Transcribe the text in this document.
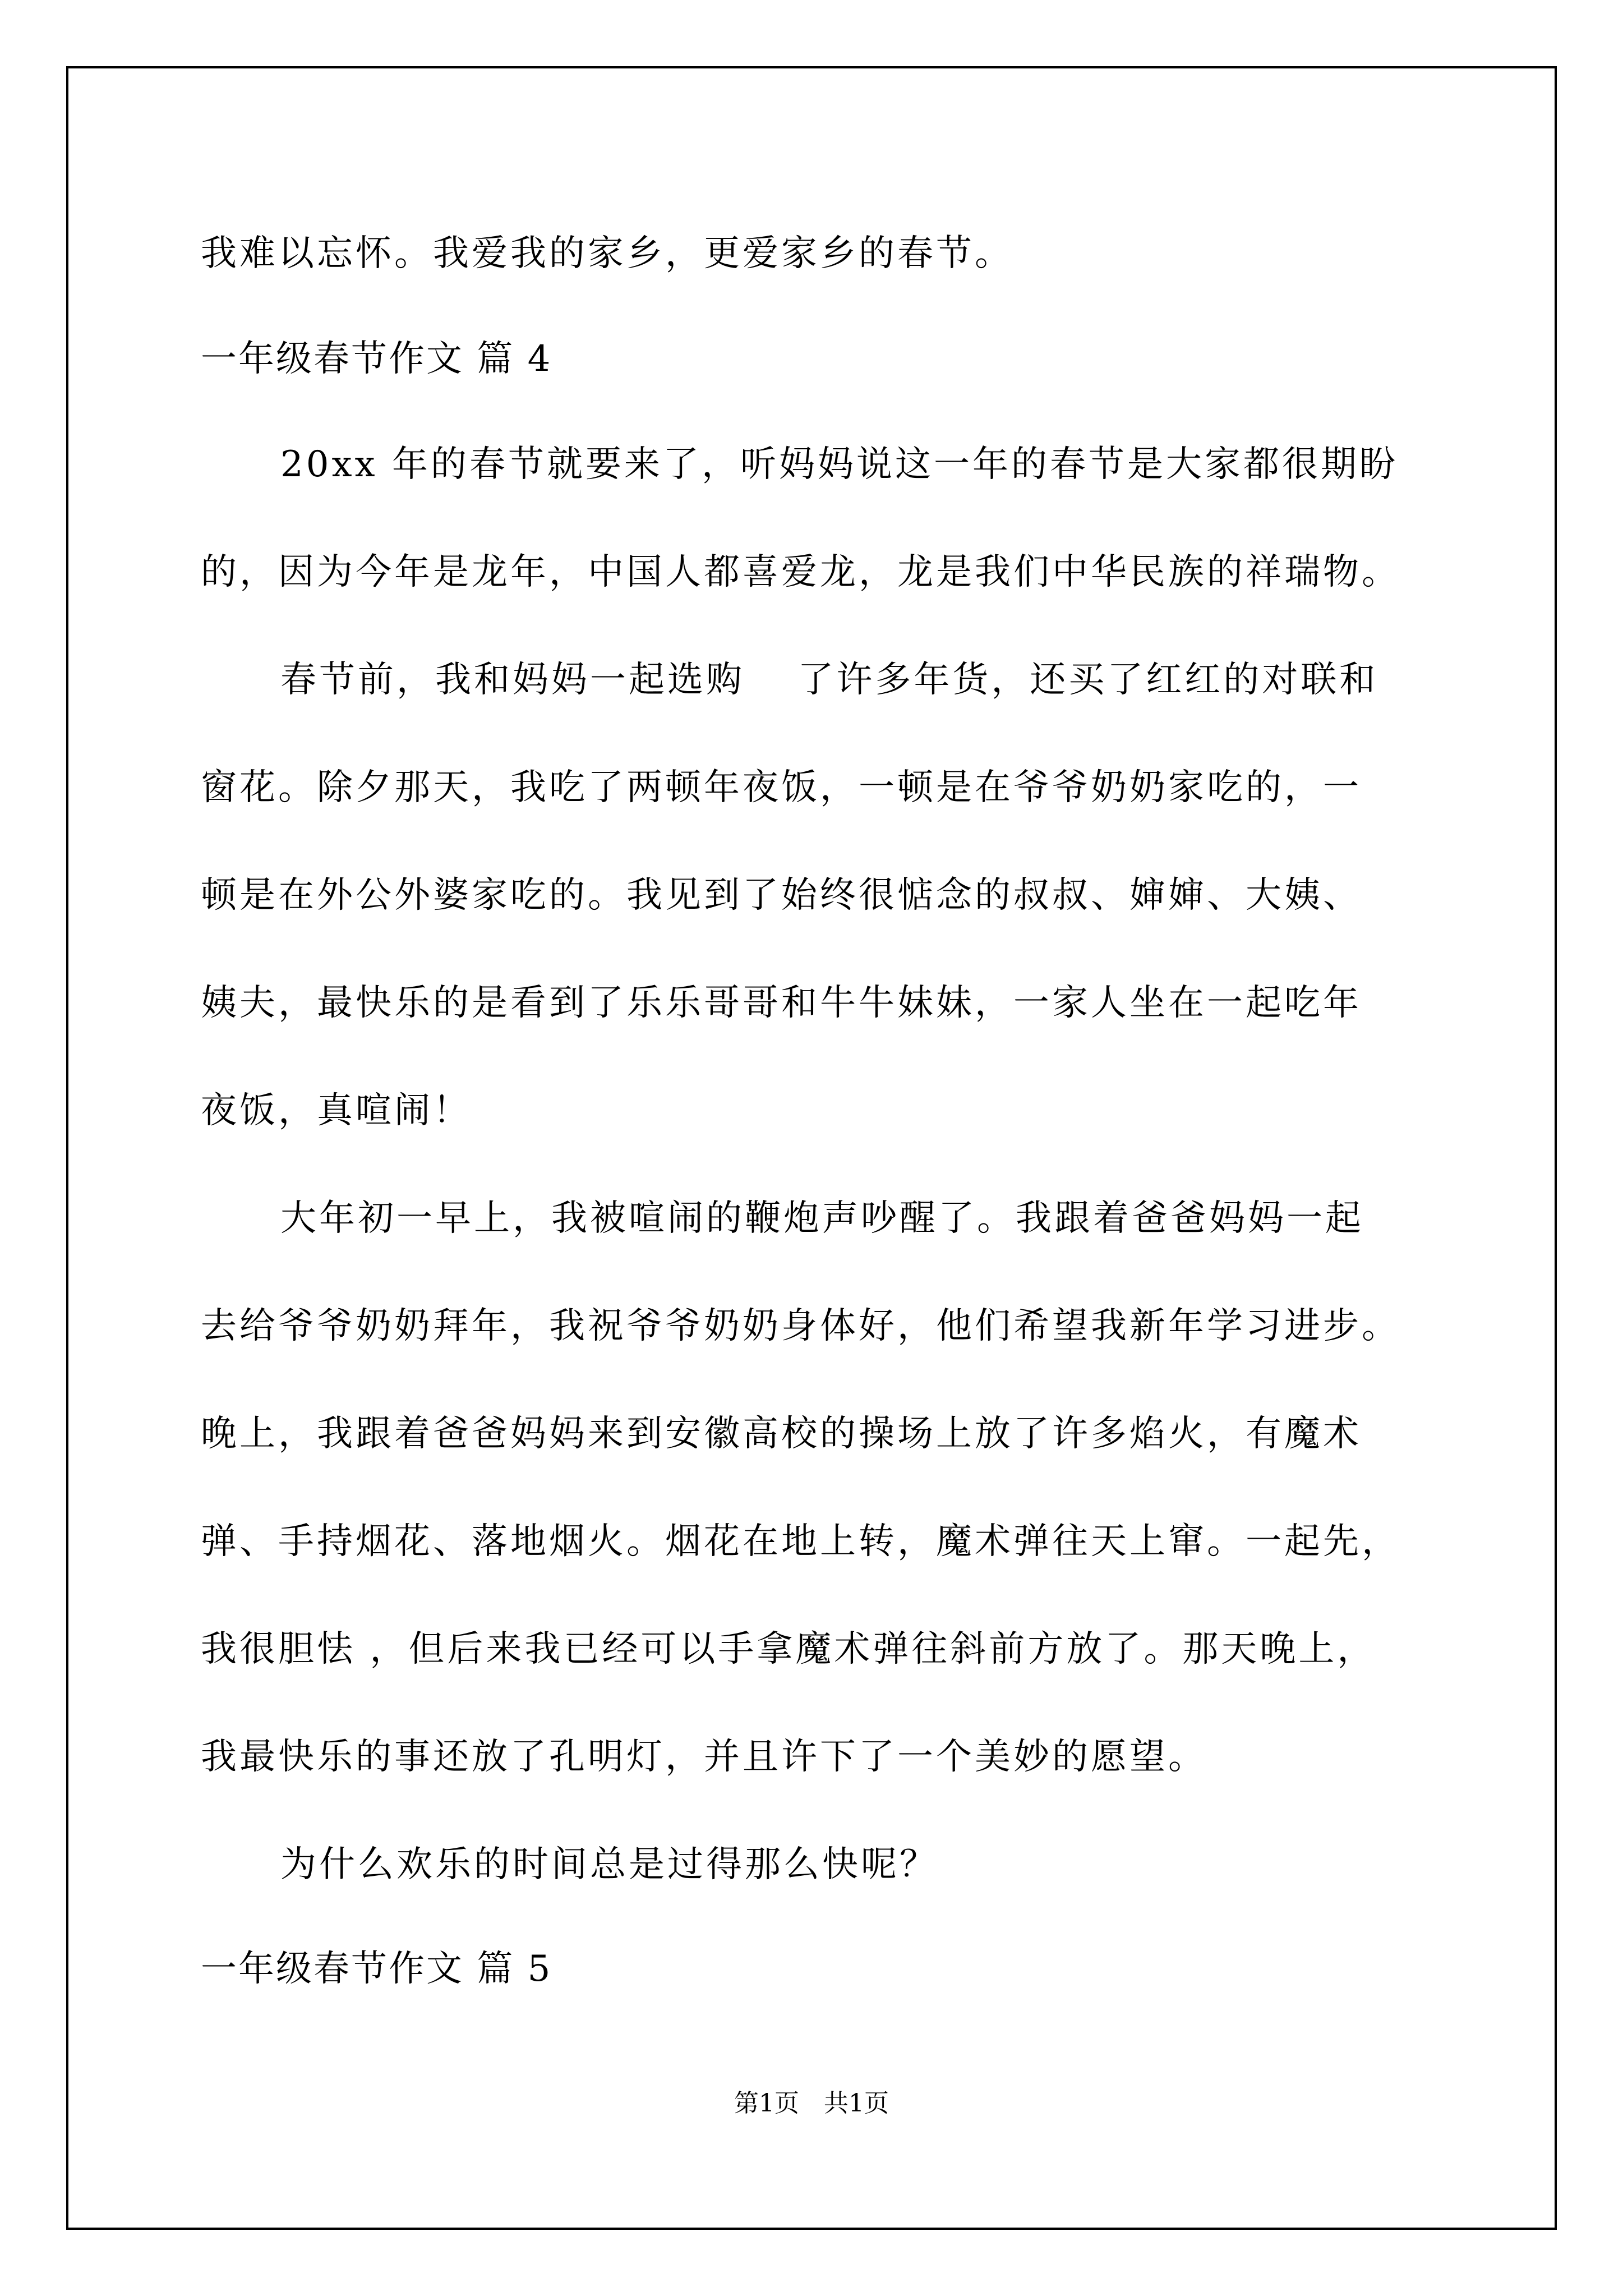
我难以忘怀。我爱我的家乡，更爱家乡的春节。
一年级春节作文 篇 4
20xx 年的春节就要来了，听妈妈说这一年的春节是大家都很期盼
的，因为今年是龙年，中国人都喜爱龙，龙是我们中华民族的祥瑞物。
春节前，我和妈妈一起选购　 了许多年货，还买了红红的对联和
窗花。除夕那天，我吃了两顿年夜饭，一顿是在爷爷奶奶家吃的，一
顿是在外公外婆家吃的。我见到了始终很惦念的叔叔、婶婶、大姨、
姨夫，最快乐的是看到了乐乐哥哥和牛牛妹妹，一家人坐在一起吃年
夜饭，真喧闹！
大年初一早上，我被喧闹的鞭炮声吵醒了。我跟着爸爸妈妈一起
去给爷爷奶奶拜年，我祝爷爷奶奶身体好，他们希望我新年学习进步。
晚上，我跟着爸爸妈妈来到安徽高校的操场上放了许多焰火，有魔术
弹、手持烟花、落地烟火。烟花在地上转，魔术弹往天上窜。一起先，
我很胆怯 ，但后来我已经可以手拿魔术弹往斜前方放了。那天晚上，
我最快乐的事还放了孔明灯，并且许下了一个美妙的愿望。
为什么欢乐的时间总是过得那么快呢？
一年级春节作文 篇 5
第1页　共1页
